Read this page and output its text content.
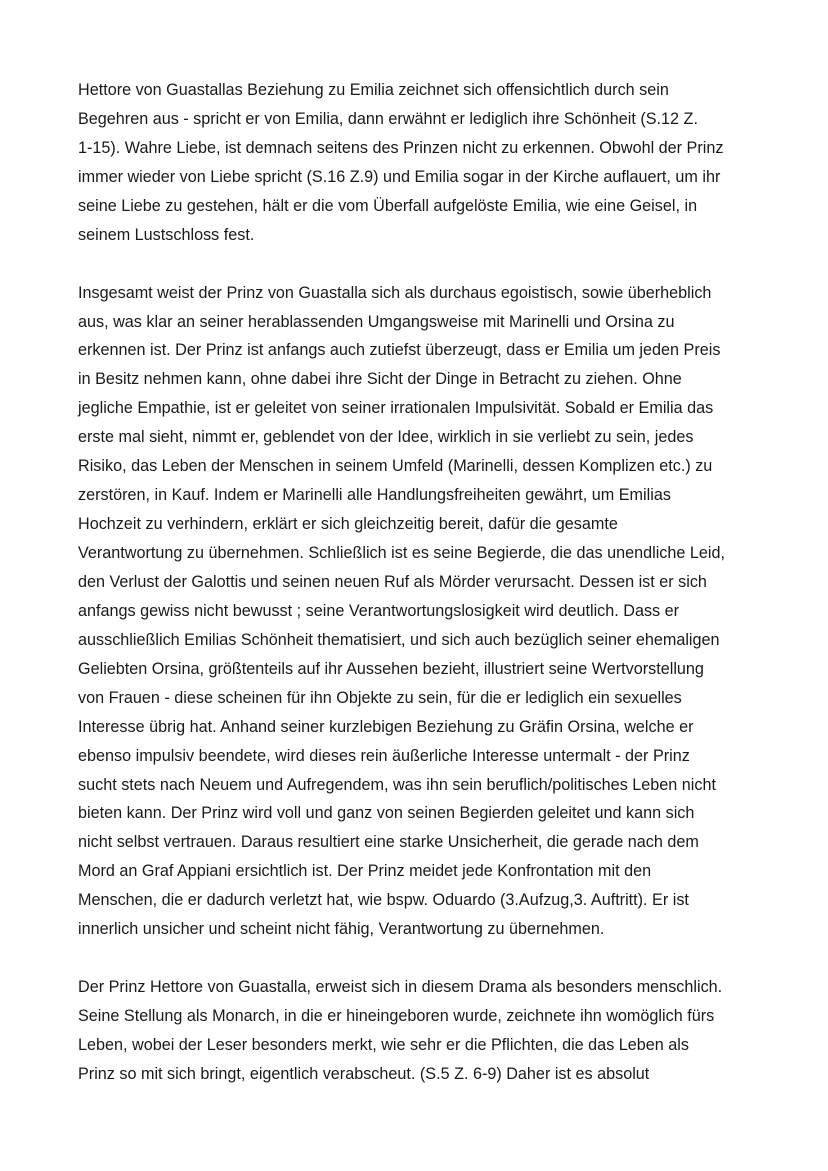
Hettore von Guastallas Beziehung zu Emilia zeichnet sich offensichtlich durch sein
Begehren aus - spricht er von Emilia, dann erwähnt er lediglich ihre Schönheit (S.12 Z.
1-15). Wahre Liebe, ist demnach seitens des Prinzen nicht zu erkennen. Obwohl der Prinz
immer wieder von Liebe spricht (S.16 Z.9) und Emilia sogar in der Kirche auflauert, um ihr
seine Liebe zu gestehen, hält er die vom Überfall aufgelöste Emilia, wie eine Geisel, in
seinem Lustschloss fest.
Insgesamt weist der Prinz von Guastalla sich als durchaus egoistisch, sowie überheblich
aus, was klar an seiner herablassenden Umgangsweise mit Marinelli und Orsina zu
erkennen ist. Der Prinz ist anfangs auch zutiefst überzeugt, dass er Emilia um jeden Preis
in Besitz nehmen kann, ohne dabei ihre Sicht der Dinge in Betracht zu ziehen. Ohne
jegliche Empathie, ist er geleitet von seiner irrationalen Impulsivität. Sobald er Emilia das
erste mal sieht, nimmt er, geblendet von der Idee, wirklich in sie verliebt zu sein, jedes
Risiko, das Leben der Menschen in seinem Umfeld (Marinelli, dessen Komplizen etc.) zu
zerstören, in Kauf. Indem er Marinelli alle Handlungsfreiheiten gewährt, um Emilias
Hochzeit zu verhindern, erklärt er sich gleichzeitig bereit, dafür die gesamte
Verantwortung zu übernehmen. Schließlich ist es seine Begierde, die das unendliche Leid,
den Verlust der Galottis und seinen neuen Ruf als Mörder verursacht. Dessen ist er sich
anfangs gewiss nicht bewusst ; seine Verantwortungslosigkeit wird deutlich. Dass er
ausschließlich Emilias Schönheit thematisiert, und sich auch bezüglich seiner ehemaligen
Geliebten Orsina, größtenteils auf ihr Aussehen bezieht, illustriert seine Wertvorstellung
von Frauen - diese scheinen für ihn Objekte zu sein, für die er lediglich ein sexuelles
Interesse übrig hat. Anhand seiner kurzlebigen Beziehung zu Gräfin Orsina, welche er
ebenso impulsiv beendete, wird dieses rein äußerliche Interesse untermalt - der Prinz
sucht stets nach Neuem und Aufregendem, was ihn sein beruflich/politisches Leben nicht
bieten kann. Der Prinz wird voll und ganz von seinen Begierden geleitet und kann sich
nicht selbst vertrauen. Daraus resultiert eine starke Unsicherheit, die gerade nach dem
Mord an Graf Appiani ersichtlich ist. Der Prinz meidet jede Konfrontation mit den
Menschen, die er dadurch verletzt hat, wie bspw. Oduardo (3.Aufzug,3. Auftritt). Er ist
innerlich unsicher und scheint nicht fähig, Verantwortung zu übernehmen.
Der Prinz Hettore von Guastalla, erweist sich in diesem Drama als besonders menschlich.
Seine Stellung als Monarch, in die er hineingeboren wurde, zeichnete ihn womöglich fürs
Leben, wobei der Leser besonders merkt, wie sehr er die Pflichten, die das Leben als
Prinz so mit sich bringt, eigentlich verabscheut. (S.5 Z. 6-9) Daher ist es absolut
